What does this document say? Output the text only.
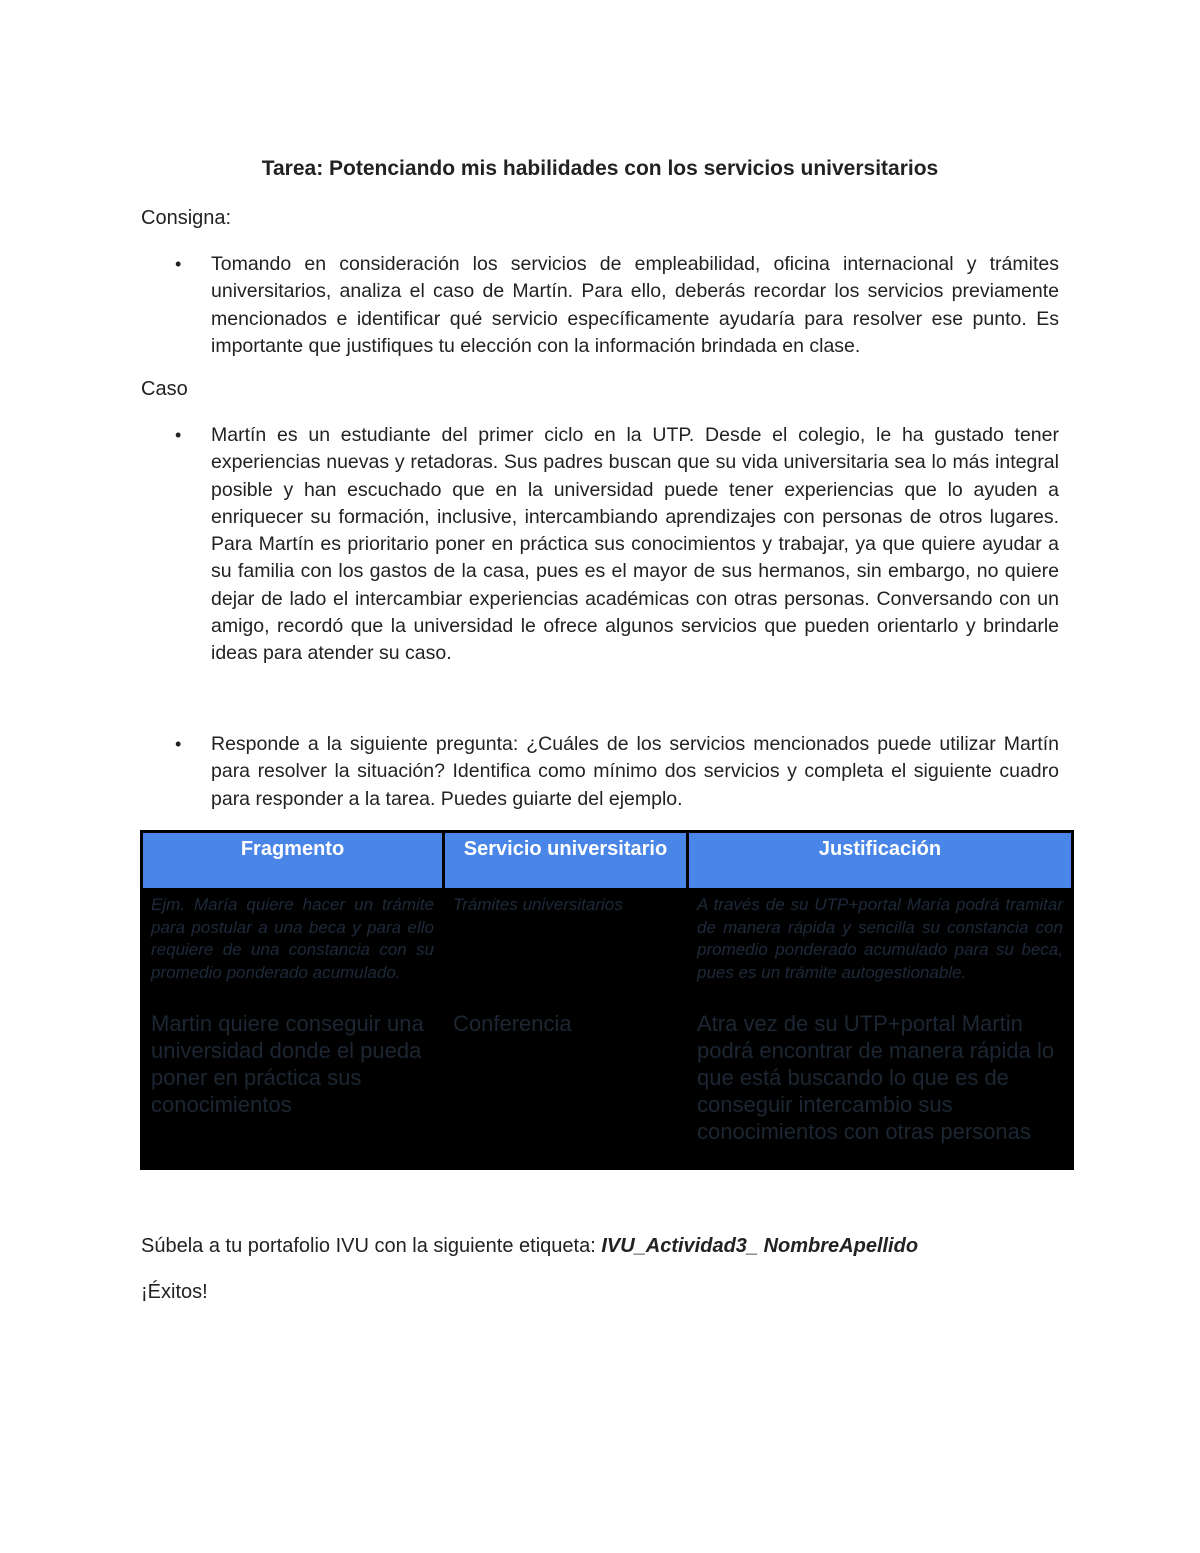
Tarea: Potenciando mis habilidades con los servicios universitarios
Consigna:
• Tomando en consideración los servicios de empleabilidad, oficina internacional y trámites universitarios, analiza el caso de Martín. Para ello, deberás recordar los servicios previamente mencionados e identificar qué servicio específicamente ayudaría para resolver ese punto. Es importante que justifiques tu elección con la información brindada en clase.
Caso
• Martín es un estudiante del primer ciclo en la UTP. Desde el colegio, le ha gustado tener experiencias nuevas y retadoras. Sus padres buscan que su vida universitaria sea lo más integral posible y han escuchado que en la universidad puede tener experiencias que lo ayuden a enriquecer su formación, inclusive, intercambiando aprendizajes con personas de otros lugares. Para Martín es prioritario poner en práctica sus conocimientos y trabajar, ya que quiere ayudar a su familia con los gastos de la casa, pues es el mayor de sus hermanos, sin embargo, no quiere dejar de lado el intercambiar experiencias académicas con otras personas. Conversando con un amigo, recordó que la universidad le ofrece algunos servicios que pueden orientarlo y brindarle ideas para atender su caso.
• Responde a la siguiente pregunta: ¿Cuáles de los servicios mencionados puede utilizar Martín para resolver la situación? Identifica como mínimo dos servicios y completa el siguiente cuadro para responder a la tarea. Puedes guiarte del ejemplo.
Fragmento	Servicio universitario	Justificación

Ejm. María quiere hacer un trámite para postular a una beca y para ello requiere de una constancia con su promedio ponderado acumulado.	Trámites universitarios	A través de su UTP+portal María podrá tramitar de manera rápida y sencilla su constancia con promedio ponderado acumulado para su beca, pues es un trámite autogestionable.

Martin quiere conseguir una universidad donde el pueda poner en práctica sus conocimientos	Conferencia	Atra vez de su UTP+portal Martin podrá encontrar de manera rápida lo que está buscando lo que es de conseguir intercambio sus conocimientos con otras personas
Súbela a tu portafolio IVU con la siguiente etiqueta: IVU_Actividad3_ NombreApellido
¡Éxitos!
